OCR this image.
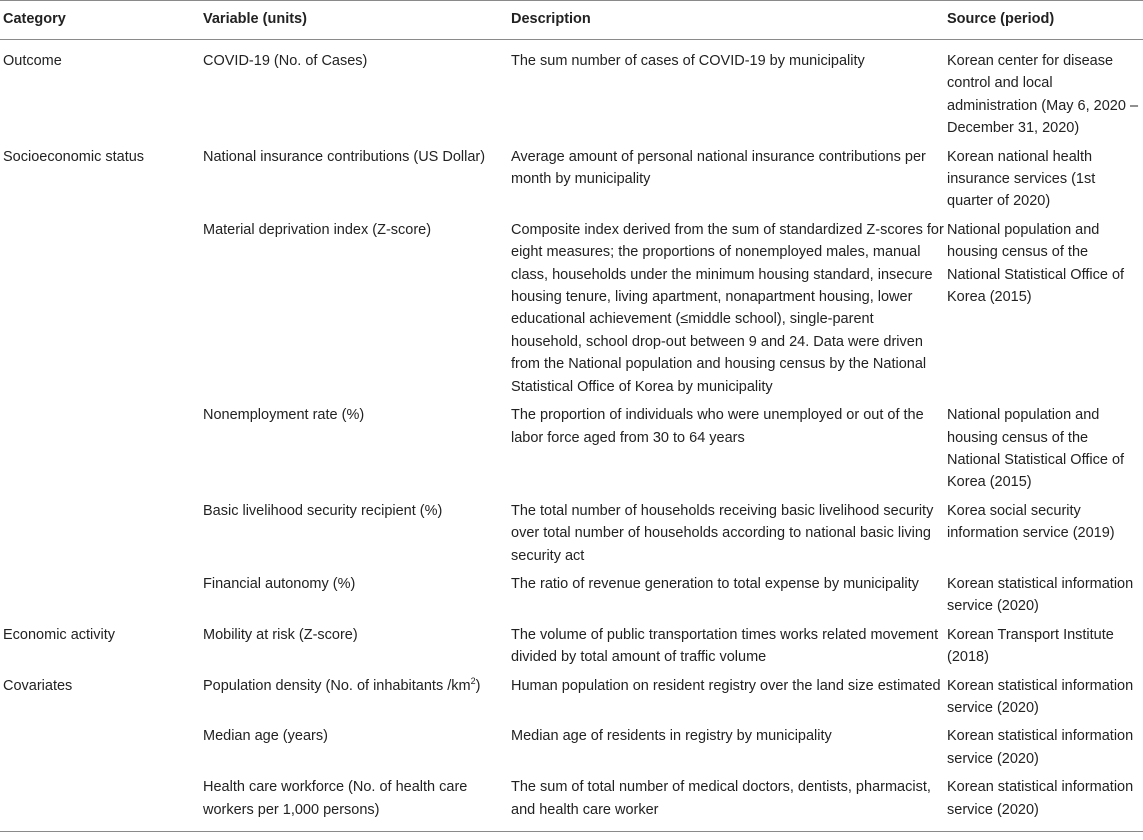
Category	Variable (units)	Description	Source (period)
Outcome	COVID-19 (No. of Cases)	The sum number of cases of COVID-19 by municipality	Korean center for disease control and local administration (May 6, 2020 – December 31, 2020)
Socioeconomic status	National insurance contributions (US Dollar)	Average amount of personal national insurance contributions per month by municipality	Korean national health insurance services (1st quarter of 2020)
	Material deprivation index (Z-score)	Composite index derived from the sum of standardized Z-scores for eight measures; the proportions of nonemployed males, manual class, households under the minimum housing standard, insecure housing tenure, living apartment, nonapartment housing, lower educational achievement (≤middle school), single-parent household, school drop-out between 9 and 24. Data were driven from the National population and housing census by the National Statistical Office of Korea by municipality	National population and housing census of the National Statistical Office of Korea (2015)
	Nonemployment rate (%)	The proportion of individuals who were unemployed or out of the labor force aged from 30 to 64 years	National population and housing census of the National Statistical Office of Korea (2015)
	Basic livelihood security recipient (%)	The total number of households receiving basic livelihood security over total number of households according to national basic living security act	Korea social security information service (2019)
	Financial autonomy (%)	The ratio of revenue generation to total expense by municipality	Korean statistical information service (2020)
Economic activity	Mobility at risk (Z-score)	The volume of public transportation times works related movement divided by total amount of traffic volume	Korean Transport Institute (2018)
Covariates	Population density (No. of inhabitants $/km^2$)	Human population on resident registry over the land size estimated	Korean statistical information service (2020)
	Median age (years)	Median age of residents in registry by municipality	Korean statistical information service (2020)
	Health care workforce (No. of health care workers per 1,000 persons)	The sum of total number of medical doctors, dentists, pharmacist, and health care worker	Korean statistical information service (2020)
